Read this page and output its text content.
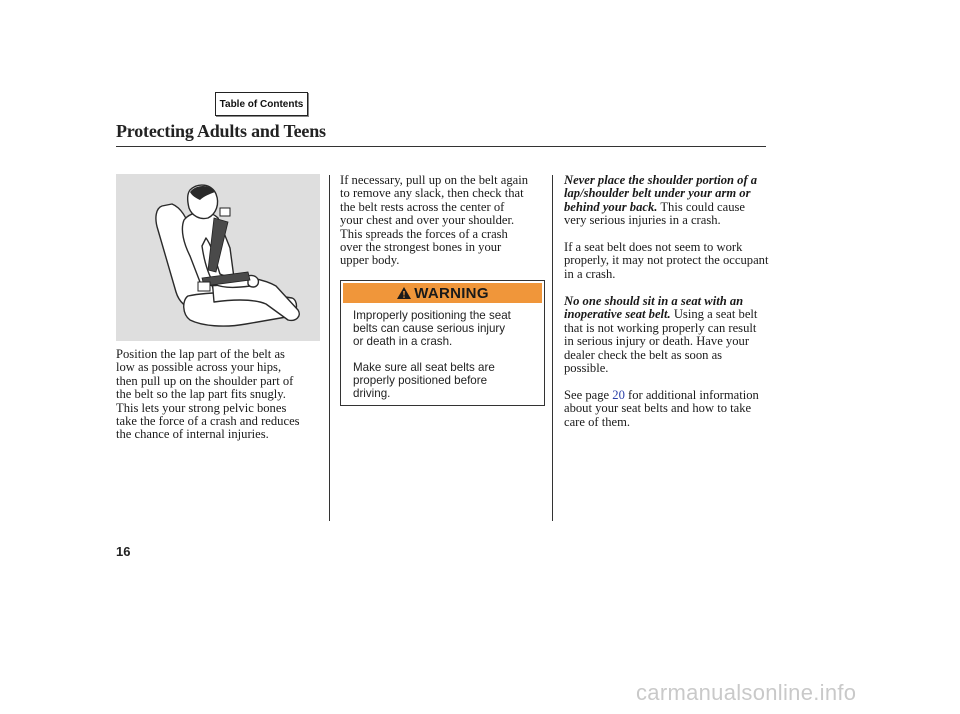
Table of Contents
Protecting Adults and Teens

Position the lap part of the belt as
low as possible across your hips,
then pull up on the shoulder part of
the belt so the lap part fits snugly.
This lets your strong pelvic bones
take the force of a crash and reduces
the chance of internal injuries.

If necessary, pull up on the belt again
to remove any slack, then check that
the belt rests across the center of
your chest and over your shoulder.
This spreads the forces of a crash
over the strongest bones in your
upper body.

WARNING

Improperly positioning the seat
belts can cause serious injury
or death in a crash.

Make sure all seat belts are
properly positioned before
driving.

Never place the shoulder portion of a lap/shoulder belt under your arm or behind your back. This could cause very serious injuries in a crash.

If a seat belt does not seem to work properly, it may not protect the occupant in a crash.

No one should sit in a seat with an inoperative seat belt. Using a seat belt that is not working properly can result in serious injury or death. Have your dealer check the belt as soon as possible.

See page 20 for additional information about your seat belts and how to take care of them.

16

carmanualsonline.info
